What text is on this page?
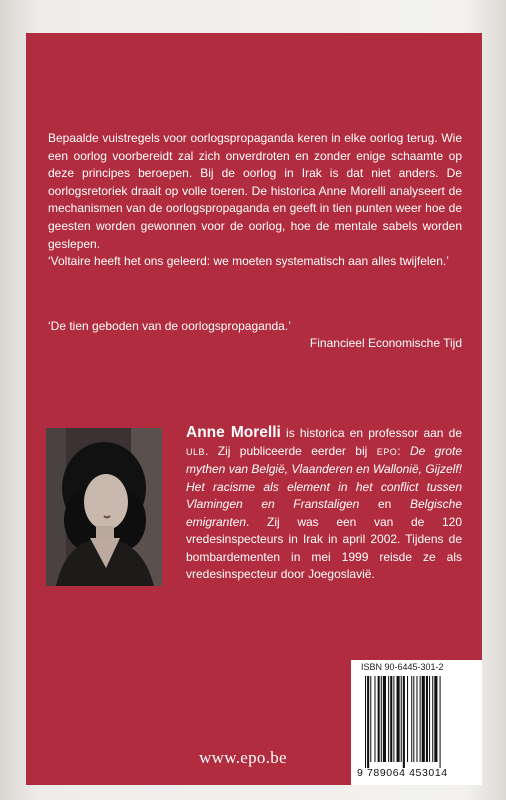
Bepaalde vuistregels voor oorlogspropaganda keren in elke oorlog terug. Wie een oorlog voorbereidt zal zich onverdroten en zonder enige schaamte op deze principes beroepen. Bij de oorlog in Irak is dat niet anders. De oorlogsretoriek draait op volle toeren. De historica Anne Morelli analyseert de mechanismen van de oorlogspropaganda en geeft in tien punten weer hoe de geesten worden gewonnen voor de oorlog, hoe de mentale sabels worden geslepen.

‘Voltaire heeft het ons geleerd: we moeten systematisch aan alles twijfelen.’

‘De tien geboden van de oorlogspropaganda.’
Financieel Economische Tijd
Anne Morelli is historica en professor aan de ULB. Zij publiceerde eerder bij EPO: De grote mythen van België, Vlaanderen en Wallonië, Gijzelf! Het racisme als element in het conflict tussen Vlamingen en Franstaligen en Belgische emigranten. Zij was een van de 120 vredesinspecteurs in Irak in april 2002. Tijdens de bombardementen in mei 1999 reisde ze als vredesinspecteur door Joegoslavië.
ISBN 90-6445-301-2
9 789064 453014
www.epo.be
